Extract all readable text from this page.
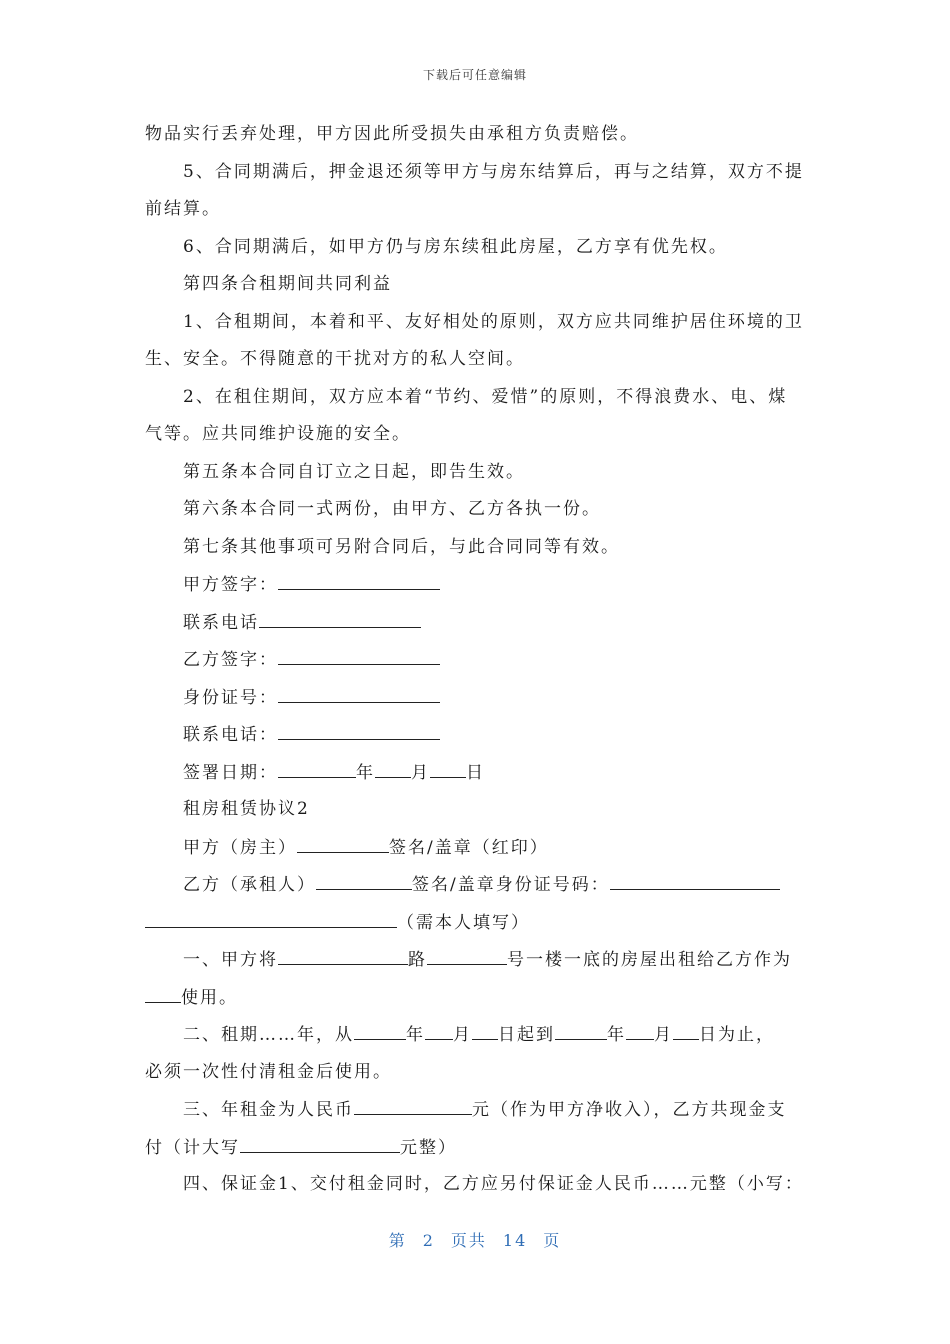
下载后可任意编辑
物品实行丢弃处理，甲方因此所受损失由承租方负责赔偿。
5、合同期满后，押金退还须等甲方与房东结算后，再与之结算，双方不提
前结算。
6、合同期满后，如甲方仍与房东续租此房屋，乙方享有优先权。
第四条合租期间共同利益
1、合租期间，本着和平、友好相处的原则，双方应共同维护居住环境的卫
生、安全。不得随意的干扰对方的私人空间。
2、在租住期间，双方应本着“节约、爱惜”的原则，不得浪费水、电、煤
气等。应共同维护设施的安全。
第五条本合同自订立之日起，即告生效。
第六条本合同一式两份，由甲方、乙方各执一份。
第七条其他事项可另附合同后，与此合同同等有效。
甲方签字：
联系电话
乙方签字：
身份证号：
联系电话：
签署日期：	年 月 日
租房租赁协议2
甲方（房主）	签名/盖章（红印）
乙方（承租人）	签名/盖章身份证号码：
（需本人填写）
一、甲方将	路	号一楼一底的房屋出租给乙方作为
使用。
二、租期……年，从	年 月 日起到	年 月 日为止，
必须一次性付清租金后使用。
三、年租金为人民币	元（作为甲方净收入），乙方共现金支
付（计大写	元整）
四、保证金1、交付租金同时，乙方应另付保证金人民币……元整（小写：
第 2 页共 14 页
